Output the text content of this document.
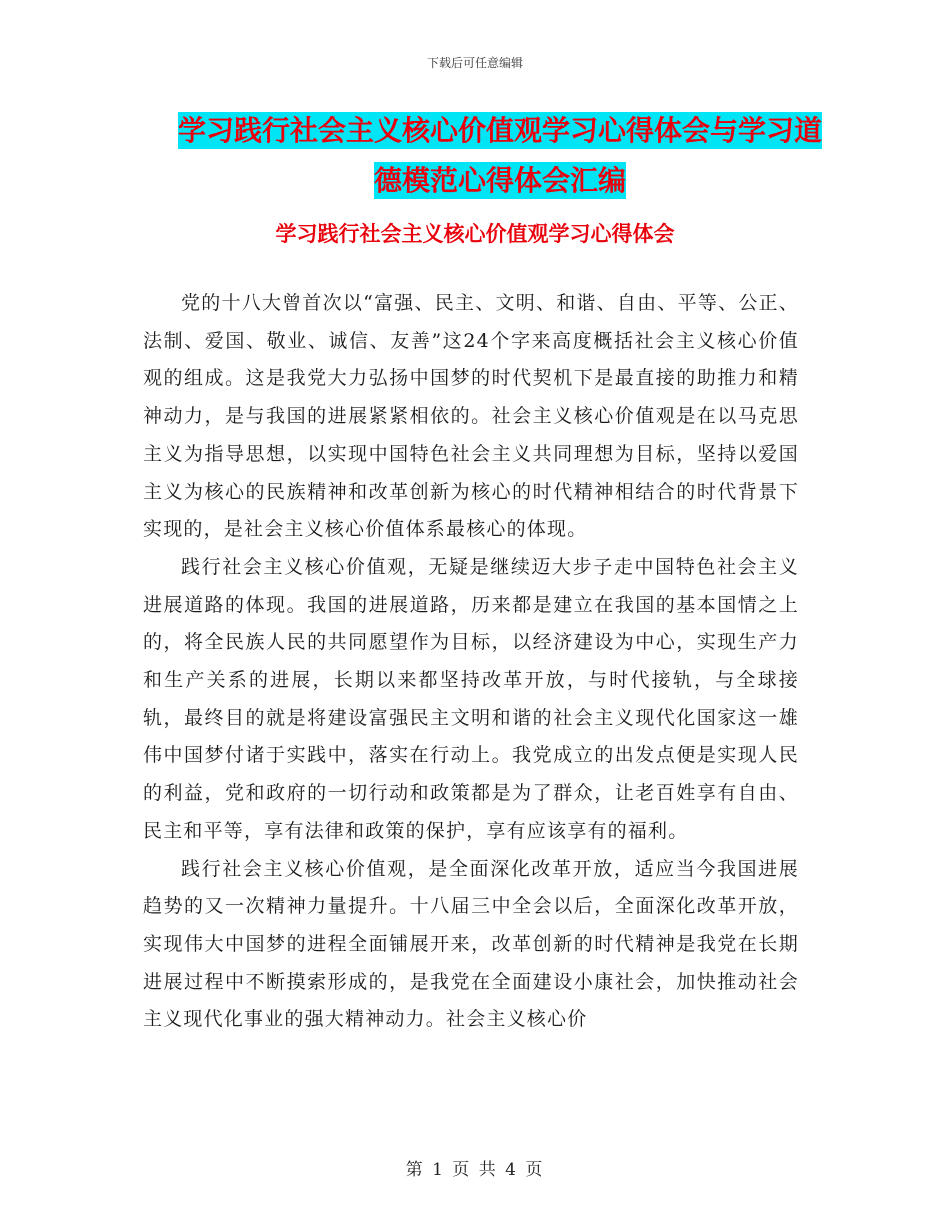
下载后可任意编辑
学习践行社会主义核心价值观学习心得体会与学习道
德模范心得体会汇编
学习践行社会主义核心价值观学习心得体会

党的十八大曾首次以“富强、民主、文明、和谐、自由、平等、公正、法制、爱国、敬业、诚信、友善”这24个字来高度概括社会主义核心价值观的组成。这是我党大力弘扬中国梦的时代契机下是最直接的助推力和精神动力，是与我国的进展紧紧相依的。社会主义核心价值观是在以马克思主义为指导思想，以实现中国特色社会主义共同理想为目标，坚持以爱国主义为核心的民族精神和改革创新为核心的时代精神相结合的时代背景下实现的，是社会主义核心价值体系最核心的体现。

践行社会主义核心价值观，无疑是继续迈大步子走中国特色社会主义进展道路的体现。我国的进展道路，历来都是建立在我国的基本国情之上的，将全民族人民的共同愿望作为目标，以经济建设为中心，实现生产力和生产关系的进展，长期以来都坚持改革开放，与时代接轨，与全球接轨，最终目的就是将建设富强民主文明和谐的社会主义现代化国家这一雄伟中国梦付诸于实践中，落实在行动上。我党成立的出发点便是实现人民的利益，党和政府的一切行动和政策都是为了群众，让老百姓享有自由、民主和平等，享有法律和政策的保护，享有应该享有的福利。

践行社会主义核心价值观，是全面深化改革开放，适应当今我国进展趋势的又一次精神力量提升。十八届三中全会以后，全面深化改革开放，实现伟大中国梦的进程全面铺展开来，改革创新的时代精神是我党在长期进展过程中不断摸索形成的，是我党在全面建设小康社会，加快推动社会主义现代化事业的强大精神动力。社会主义核心价

第 1 页 共 4 页
